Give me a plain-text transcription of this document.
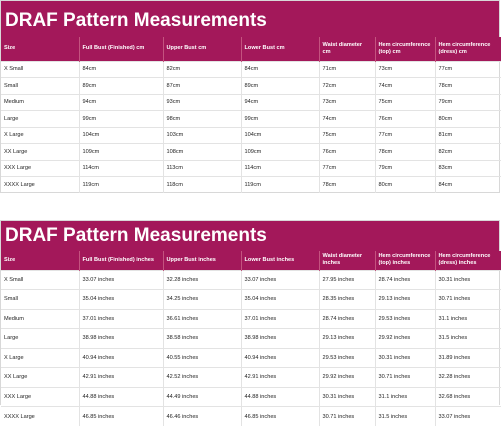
DRAF Pattern Measurements
Size	Full Bust (Finished) cm	Upper Bust cm	Lower Bust cm	Waist diameter cm	Hem circumference (top) cm	Hem circumference (dress) cm
X Small	84cm	82cm	84cm	71cm	73cm	77cm
Small	89cm	87cm	89cm	72cm	74cm	78cm
Medium	94cm	93cm	94cm	73cm	75cm	79cm
Large	99cm	98cm	99cm	74cm	76cm	80cm
X Large	104cm	103cm	104cm	75cm	77cm	81cm
XX Large	109cm	108cm	109cm	76cm	78cm	82cm
XXX Large	114cm	113cm	114cm	77cm	79cm	83cm
XXXX Large	119cm	118cm	119cm	78cm	80cm	84cm
DRAF Pattern Measurements
Size	Full Bust (Finished) inches	Upper Bust inches	Lower Bust inches	Waist diameter inches	Hem circumference (top) inches	Hem circumference (dress) inches
X Small	33.07 inches	32.28 inches	33.07 inches	27.95 inches	28.74 inches	30.31 inches
Small	35.04 inches	34.25 inches	35.04 inches	28.35 inches	29.13 inches	30.71 inches
Medium	37.01 inches	36.61 inches	37.01 inches	28.74 inches	29.53 inches	31.1 inches
Large	38.98 inches	38.58 inches	38.98 inches	29.13 inches	29.92 inches	31.5 inches
X Large	40.94 inches	40.55 inches	40.94 inches	29.53 inches	30.31 inches	31.89 inches
XX Large	42.91 inches	42.52 inches	42.91 inches	29.92 inches	30.71 inches	32.28 inches
XXX Large	44.88 inches	44.49 inches	44.88 inches	30.31 inches	31.1 inches	32.68 inches
XXXX Large	46.85 inches	46.46 inches	46.85 inches	30.71 inches	31.5 inches	33.07 inches
